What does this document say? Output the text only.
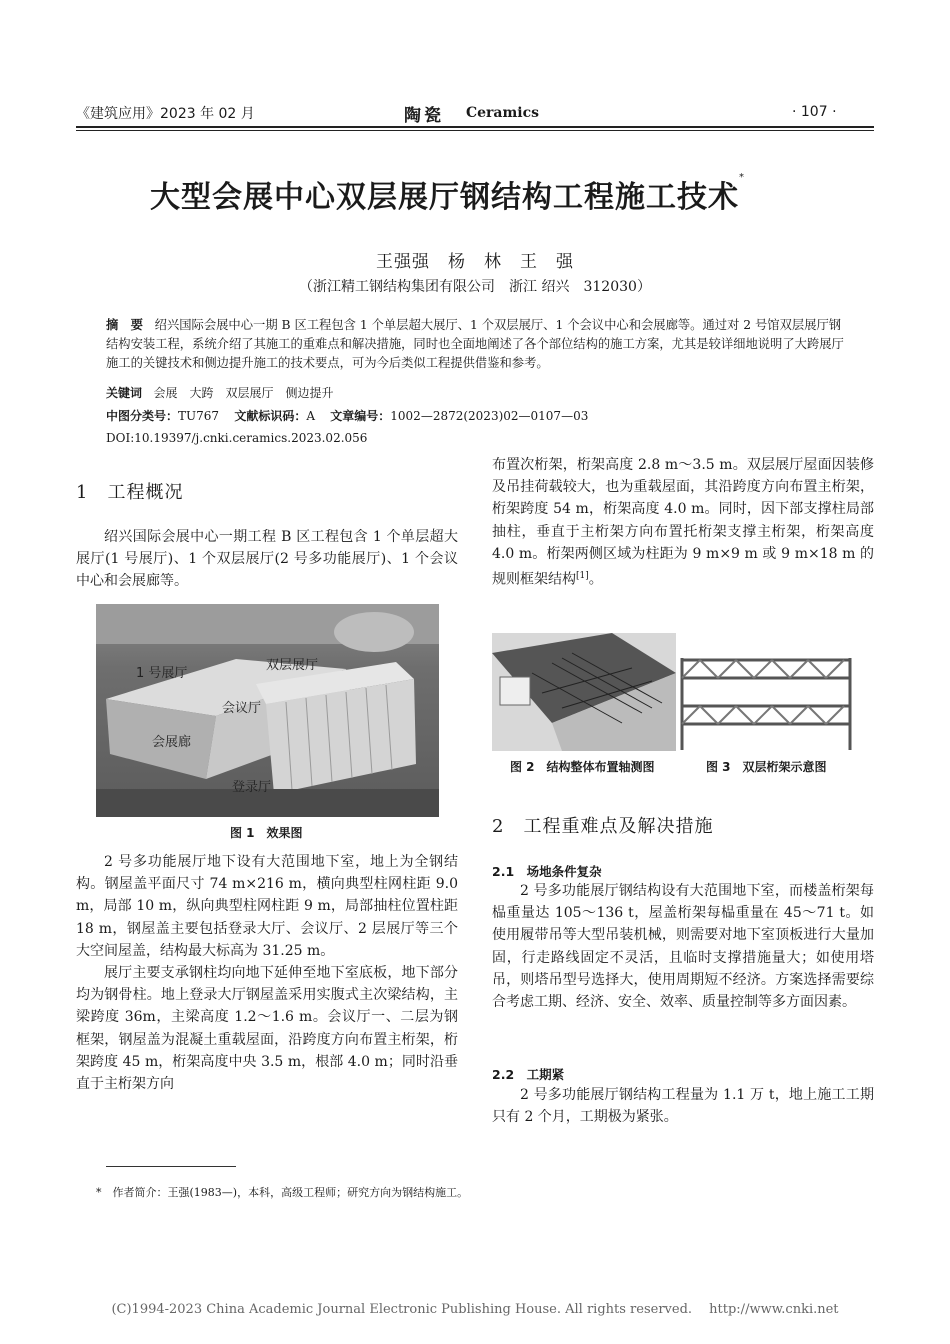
《建筑应用》2023 年 02 月	陶瓷 Ceramics	· 107 ·
大型会展中心双层展厅钢结构工程施工技术*
王强强　杨　林　王　强
（浙江精工钢结构集团有限公司　浙江 绍兴　312030）
摘　要 绍兴国际会展中心一期 B 区工程包含 1 个单层超大展厅、1 个双层展厅、1 个会议中心和会展廊等。通过对 2 号馆双层展厅钢结构安装工程，系统介绍了其施工的重难点和解决措施，同时也全面地阐述了各个部位结构的施工方案，尤其是较详细地说明了大跨展厅施工的关键技术和侧边提升施工的技术要点，可为今后类似工程提供借鉴和参考。
关键词 会展　大跨　双层展厅　侧边提升
中图分类号：TU767 文献标识码：A 文章编号：1002—2872(2023)02—0107—03
DOI:10.19397/j.cnki.ceramics.2023.02.056
1　工程概况

绍兴国际会展中心一期工程 B 区工程包含 1 个单层超大展厅(1 号展厅)、1 个双层展厅(2 号多功能展厅)、1 个会议中心和会展廊等。

1 号展厅
双层展厅
会议厅
会展廊
登录厅
图 1　效果图

2 号多功能展厅地下设有大范围地下室，地上为全钢结构。钢屋盖平面尺寸 74 m×216 m，横向典型柱网柱距 9.0 m，局部 10 m，纵向典型柱网柱距 9 m，局部抽柱位置柱距 18 m，钢屋盖主要包括登录大厅、会议厅、2 层展厅等三个大空间屋盖，结构最大标高为 31.25 m。

展厅主要支承钢柱均向地下延伸至地下室底板，地下部分均为钢骨柱。地上登录大厅钢屋盖采用实腹式主次梁结构，主梁跨度 36m，主梁高度 1.2～1.6 m。会议厅一、二层为钢框架，钢屋盖为混凝土重载屋面，沿跨度方向布置主桁架，桁架跨度 45 m，桁架高度中央 3.5 m，根部 4.0 m；同时沿垂直于主桁架方向

布置次桁架，桁架高度 2.8 m～3.5 m。双层展厅屋面因装修及吊挂荷载较大，也为重载屋面，其沿跨度方向布置主桁架，桁架跨度 54 m，桁架高度 4.0 m。同时，因下部支撑柱局部抽柱，垂直于主桁架方向布置托桁架支撑主桁架，桁架高度 4.0 m。桁架两侧区域为柱距为 9 m×9 m 或 9 m×18 m 的规则框架结构[1]。

图 2　结构整体布置轴测图	图 3　双层桁架示意图
2　工程重难点及解决措施
2.1　场地条件复杂

2 号多功能展厅钢结构设有大范围地下室，而楼盖桁架每榀重量达 105～136 t，屋盖桁架每榀重量在 45～71 t。如使用履带吊等大型吊装机械，则需要对地下室顶板进行大量加固，行走路线固定不灵活，且临时支撑措施量大；如使用塔吊，则塔吊型号选择大，使用周期短不经济。方案选择需要综合考虑工期、经济、安全、效率、质量控制等多方面因素。

2.2　工期紧

2 号多功能展厅钢结构工程量为 1.1 万 t，地上施工工期只有 2 个月，工期极为紧张。

*　作者简介：王强(1983—)，本科，高级工程师；研究方向为钢结构施工。
(C)1994-2023 China Academic Journal Electronic Publishing House. All rights reserved.　 http://www.cnki.net
